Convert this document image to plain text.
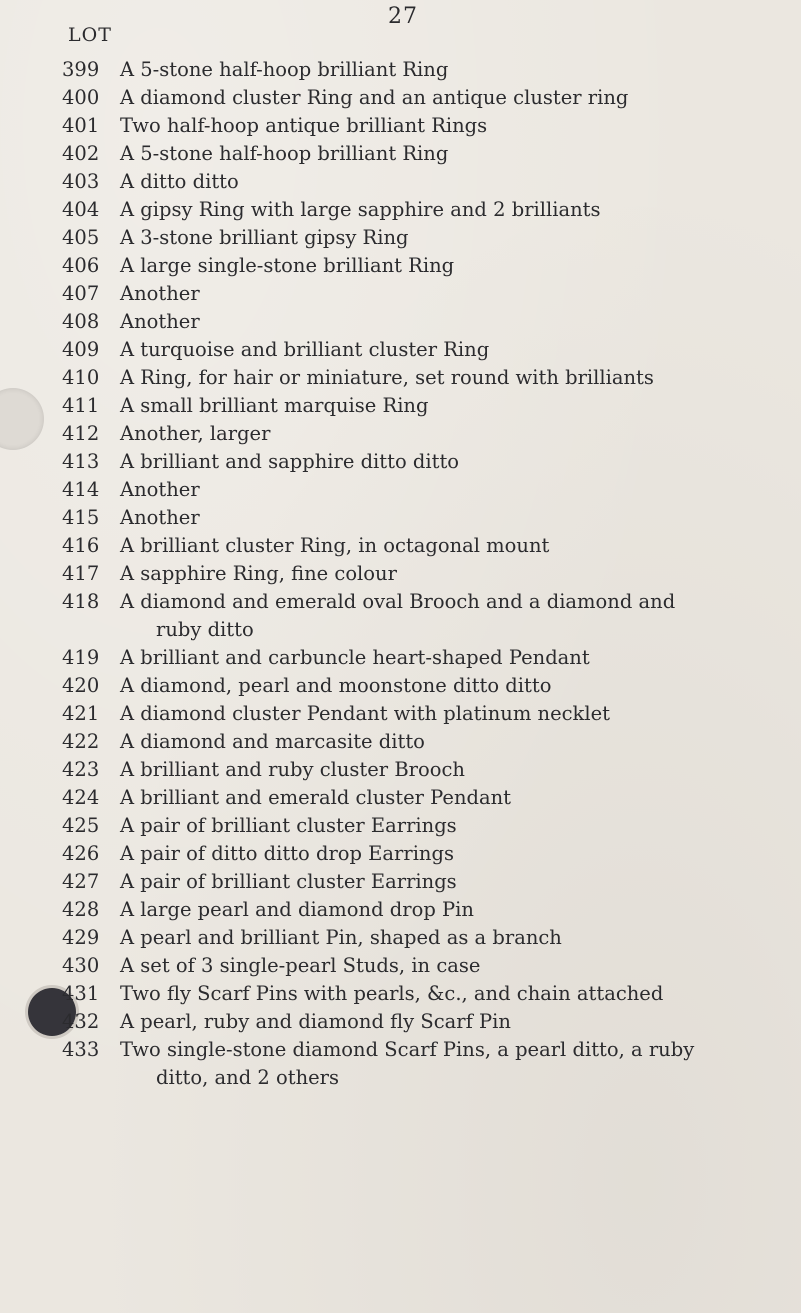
27
LOT
399	A 5-stone half-hoop brilliant Ring
400	A diamond cluster Ring and an antique cluster ring
401	Two half-hoop antique brilliant Rings
402	A 5-stone half-hoop brilliant Ring
403	A ditto ditto
404	A gipsy Ring with large sapphire and 2 brilliants
405	A 3-stone brilliant gipsy Ring
406	A large single-stone brilliant Ring
407	Another
408	Another
409	A turquoise and brilliant cluster Ring
410	A Ring, for hair or miniature, set round with brilliants
411	A small brilliant marquise Ring
412	Another, larger
413	A brilliant and sapphire ditto ditto
414	Another
415	Another
416	A brilliant cluster Ring, in octagonal mount
417	A sapphire Ring, fine colour
418	A diamond and emerald oval Brooch and a diamond and
ruby ditto
419	A brilliant and carbuncle heart-shaped Pendant
420	A diamond, pearl and moonstone ditto ditto
421	A diamond cluster Pendant with platinum necklet
422	A diamond and marcasite ditto
423	A brilliant and ruby cluster Brooch
424	A brilliant and emerald cluster Pendant
425	A pair of brilliant cluster Earrings
426	A pair of ditto ditto drop Earrings
427	A pair of brilliant cluster Earrings
428	A large pearl and diamond drop Pin
429	A pearl and brilliant Pin, shaped as a branch
430	A set of 3 single-pearl Studs, in case
431	Two fly Scarf Pins with pearls, &c., and chain attached
432	A pearl, ruby and diamond fly Scarf Pin
433	Two single-stone diamond Scarf Pins, a pearl ditto, a ruby
ditto, and 2 others
